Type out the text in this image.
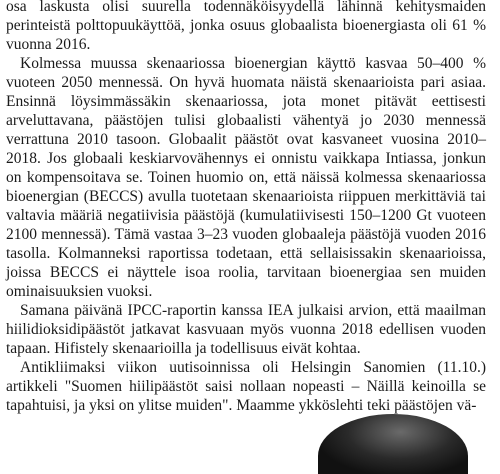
osa laskusta olisi suurella todennäköisyydellä lähinnä kehitysmaiden perinteistä polttopuukäyttöä, jonka osuus globaalista bioenergiasta oli 61 % vuonna 2016.

Kolmessa muussa skenaariossa bioenergian käyttö kasvaa 50–400 % vuoteen 2050 mennessä. On hyvä huomata näistä skenaarioista pari asiaa. Ensinnä löysimmässäkin skenaariossa, jota monet pitävät eettisesti arveluttavana, päästöjen tulisi globaalisti vähentyä jo 2030 mennessä verrattuna 2010 tasoon. Globaalit päästöt ovat kasvaneet vuosina 2010–2018. Jos globaali keskiarvovähennys ei onnistu vaikkapa Intiassa, jonkun on kompensoitava se. Toinen huomio on, että näissä kolmessa skenaariossa bioenergian (BECCS) avulla tuotetaan skenaarioista riippuen merkittäviä tai valtavia määriä negatiivisia päästöjä (kumulatiivisesti 150–1200 Gt vuoteen 2100 mennessä). Tämä vastaa 3–23 vuoden globaaleja päästöjä vuoden 2016 tasolla. Kolmanneksi raportissa todetaan, että sellaisissakin skenaarioissa, joissa BECCS ei näyttele isoa roolia, tarvitaan bioenergiaa sen muiden ominaisuuksien vuoksi.

Samana päivänä IPCC-raportin kanssa IEA julkaisi arvion, että maailman hiilidioksidipäästöt jatkavat kasvuaan myös vuonna 2018 edellisen vuoden tapaan. Hifistely skenaarioilla ja todellisuus eivät kohtaa.

Antikliimaksi viikon uutisoinnissa oli Helsingin Sanomien (11.10.) artikkeli "Suomen hiilipäästöt saisi nollaan nopeasti – Näillä keinoilla se tapahtuisi, ja yksi on ylitse muiden". Maamme ykköslehti teki päästöjen vä-
